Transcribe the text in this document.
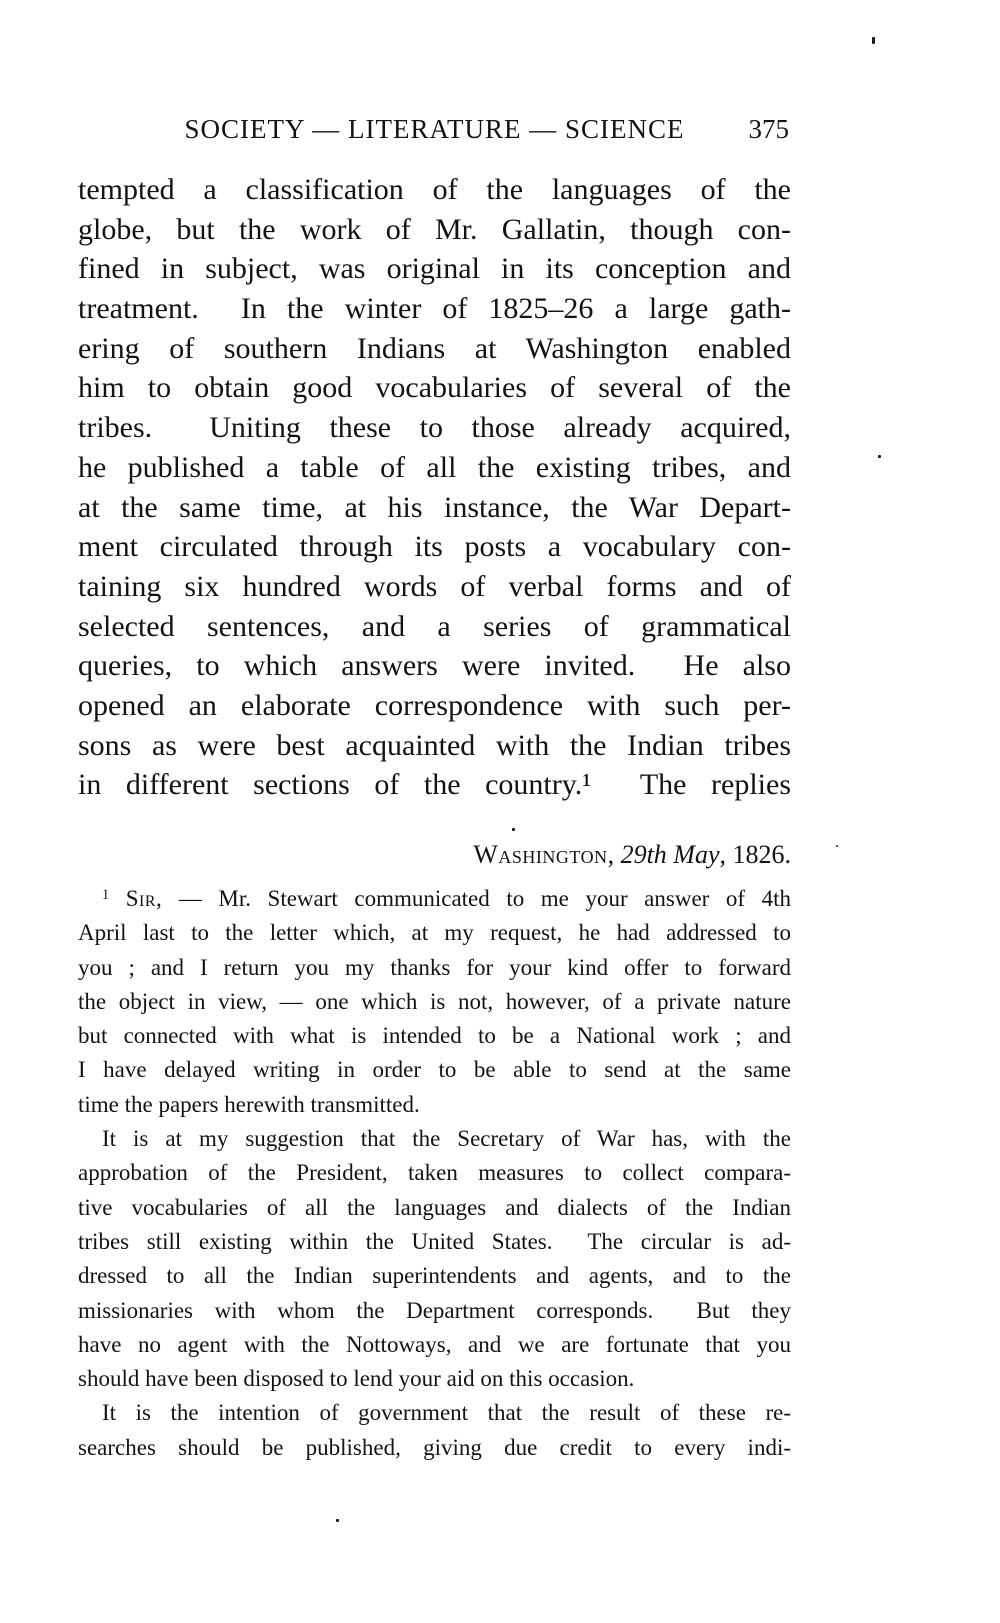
SOCIETY — LITERATURE — SCIENCE 375
tempted a classification of the languages of the
globe, but the work of Mr. Gallatin, though con-
fined in subject, was original in its conception and
treatment.  In the winter of 1825–26 a large gath-
ering of southern Indians at Washington enabled
him to obtain good vocabularies of several of the
tribes.  Uniting these to those already acquired,
he published a table of all the existing tribes, and
at the same time, at his instance, the War Depart-
ment circulated through its posts a vocabulary con-
taining six hundred words of verbal forms and of
selected sentences, and a series of grammatical
queries, to which answers were invited.  He also
opened an elaborate correspondence with such per-
sons as were best acquainted with the Indian tribes
in different sections of the country.¹  The replies
Washington, 29th May, 1826.
$^1$ Sir, — Mr. Stewart communicated to me your answer of 4th
April last to the letter which, at my request, he had addressed to
you ; and I return you my thanks for your kind offer to forward
the object in view, — one which is not, however, of a private nature
but connected with what is intended to be a National work ; and
I have delayed writing in order to be able to send at the same
time the papers herewith transmitted.
It is at my suggestion that the Secretary of War has, with the
approbation of the President, taken measures to collect compara-
tive vocabularies of all the languages and dialects of the Indian
tribes still existing within the United States.  The circular is ad-
dressed to all the Indian superintendents and agents, and to the
missionaries with whom the Department corresponds.  But they
have no agent with the Nottoways, and we are fortunate that you
should have been disposed to lend your aid on this occasion.
It is the intention of government that the result of these re-
searches should be published, giving due credit to every indi-
